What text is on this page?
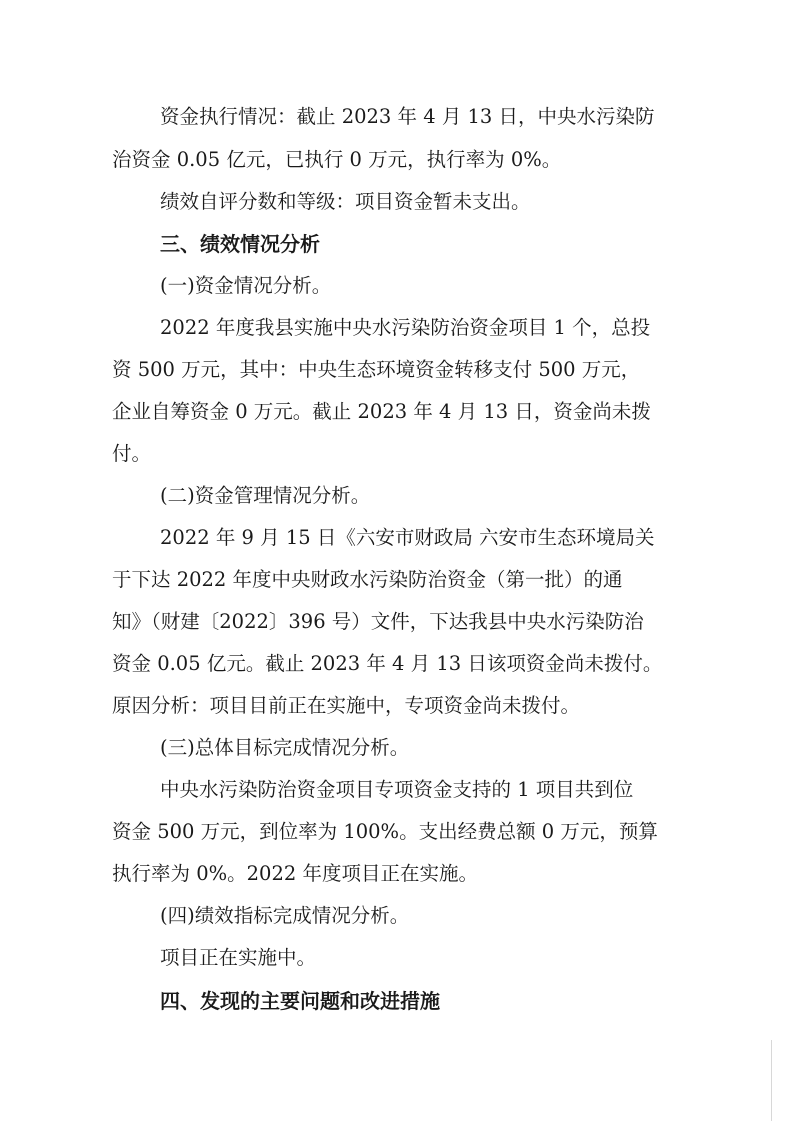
资金执行情况：截止 2023 年 4 月 13 日，中央水污染防
治资金 0.05 亿元，已执行 0 万元，执行率为 0%。
绩效自评分数和等级：项目资金暂未支出。
三、绩效情况分析
(一)资金情况分析。
2022 年度我县实施中央水污染防治资金项目 1 个，总投
资 500 万元，其中：中央生态环境资金转移支付 500 万元，
企业自筹资金 0 万元。截止 2023 年 4 月 13 日，资金尚未拨
付。
(二)资金管理情况分析。
2022 年 9 月 15 日《六安市财政局 六安市生态环境局关
于下达 2022 年度中央财政水污染防治资金（第一批）的通
知》（财建〔2022〕396 号）文件，下达我县中央水污染防治
资金 0.05 亿元。截止 2023 年 4 月 13 日该项资金尚未拨付。
原因分析：项目目前正在实施中，专项资金尚未拨付。
(三)总体目标完成情况分析。
中央水污染防治资金项目专项资金支持的 1 项目共到位
资金 500 万元，到位率为 100%。支出经费总额 0 万元，预算
执行率为 0%。2022 年度项目正在实施。
(四)绩效指标完成情况分析。
项目正在实施中。
四、发现的主要问题和改进措施
